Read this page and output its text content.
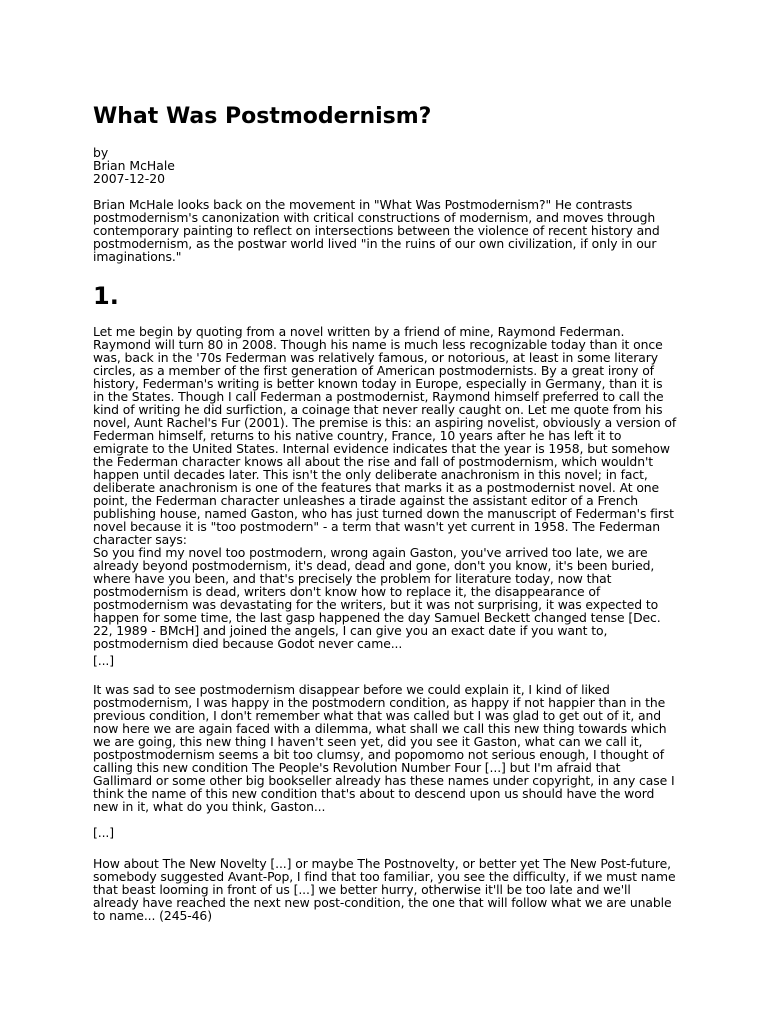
What Was Postmodernism?
by
Brian McHale
2007-12-20

Brian McHale looks back on the movement in "What Was Postmodernism?" He contrasts postmodernism's canonization with critical constructions of modernism, and moves through contemporary painting to reflect on intersections between the violence of recent history and postmodernism, as the postwar world lived "in the ruins of our own civilization, if only in our imaginations."

1.

Let me begin by quoting from a novel written by a friend of mine, Raymond Federman. Raymond will turn 80 in 2008. Though his name is much less recognizable today than it once was, back in the '70s Federman was relatively famous, or notorious, at least in some literary circles, as a member of the first generation of American postmodernists. By a great irony of history, Federman's writing is better known today in Europe, especially in Germany, than it is in the States. Though I call Federman a postmodernist, Raymond himself preferred to call the kind of writing he did surfiction, a coinage that never really caught on. Let me quote from his novel, Aunt Rachel's Fur (2001). The premise is this: an aspiring novelist, obviously a version of Federman himself, returns to his native country, France, 10 years after he has left it to emigrate to the United States. Internal evidence indicates that the year is 1958, but somehow the Federman character knows all about the rise and fall of postmodernism, which wouldn't happen until decades later. This isn't the only deliberate anachronism in this novel; in fact, deliberate anachronism is one of the features that marks it as a postmodernist novel. At one point, the Federman character unleashes a tirade against the assistant editor of a French publishing house, named Gaston, who has just turned down the manuscript of Federman's first novel because it is "too postmodern" - a term that wasn't yet current in 1958. The Federman character says:

So you find my novel too postmodern, wrong again Gaston, you've arrived too late, we are already beyond postmodernism, it's dead, dead and gone, don't you know, it's been buried, where have you been, and that's precisely the problem for literature today, now that postmodernism is dead, writers don't know how to replace it, the disappearance of postmodernism was devastating for the writers, but it was not surprising, it was expected to happen for some time, the last gasp happened the day Samuel Beckett changed tense [Dec. 22, 1989 - BMcH] and joined the angels, I can give you an exact date if you want to, postmodernism died because Godot never came...

[...]

It was sad to see postmodernism disappear before we could explain it, I kind of liked postmodernism, I was happy in the postmodern condition, as happy if not happier than in the previous condition, I don't remember what that was called but I was glad to get out of it, and now here we are again faced with a dilemma, what shall we call this new thing towards which we are going, this new thing I haven't seen yet, did you see it Gaston, what can we call it, postpostmodernism seems a bit too clumsy, and popomomo not serious enough, I thought of calling this new condition The People's Revolution Number Four [...] but I'm afraid that Gallimard or some other big bookseller already has these names under copyright, in any case I think the name of this new condition that's about to descend upon us should have the word new in it, what do you think, Gaston...

[...]

How about The New Novelty [...] or maybe The Postnovelty, or better yet The New Post-future, somebody suggested Avant-Pop, I find that too familiar, you see the difficulty, if we must name that beast looming in front of us [...] we better hurry, otherwise it'll be too late and we'll already have reached the next new post-condition, the one that will follow what we are unable to name... (245-46)
